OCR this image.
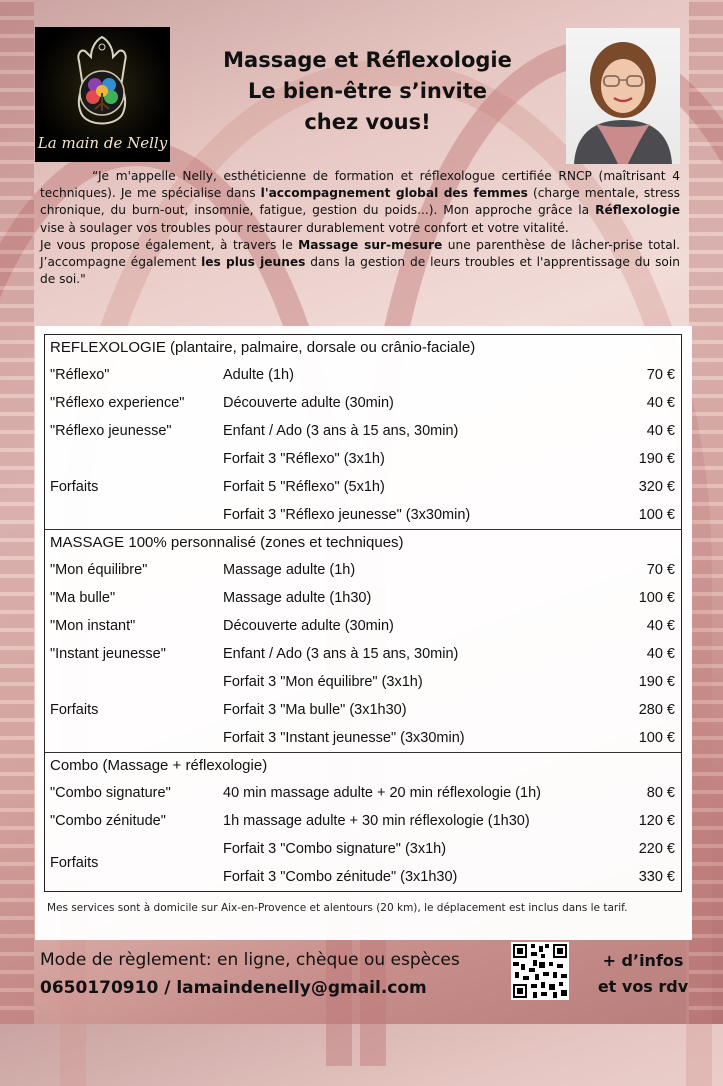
La main de Nelly
Massage et Réflexologie
Le bien-être s’invite
chez vous!

“Je m'appelle Nelly, esthéticienne de formation et réflexologue certifiée RNCP (maîtrisant 4 techniques). Je me spécialise dans l'accompagnement global des femmes (charge mentale, stress chronique, du burn-out, insomnie, fatigue, gestion du poids...). Mon approche grâce la Réflexologie vise à soulager vos troubles pour restaurer durablement votre confort et votre vitalité.

Je vous propose également, à travers le Massage sur-mesure une parenthèse de lâcher-prise total. J’accompagne également les plus jeunes dans la gestion de leurs troubles et l'apprentissage du soin de soi."

REFLEXOLOGIE (plantaire, palmaire, dorsale ou crânio-faciale)
"Réflexo"	Adulte (1h)	70 €
"Réflexo experience"	Découverte adulte (30min)	40 €
"Réflexo jeunesse"	Enfant / Ado (3 ans à 15 ans, 30min)	40 €
Forfaits
Forfait 3 "Réflexo" (3x1h)	190 €
Forfait 5 "Réflexo" (5x1h)	320 €
Forfait 3 "Réflexo jeunesse" (3x30min)	100 €
MASSAGE 100% personnalisé (zones et techniques)
"Mon équilibre"	Massage adulte (1h)	70 €
"Ma bulle"	Massage adulte (1h30)	100 €
"Mon instant"	Découverte adulte (30min)	40 €
"Instant jeunesse"	Enfant / Ado (3 ans à 15 ans, 30min)	40 €
Forfaits
Forfait 3 "Mon équilibre" (3x1h)	190 €
Forfait 3 "Ma bulle" (3x1h30)	280 €
Forfait 3 "Instant jeunesse" (3x30min)	100 €
Combo (Massage + réflexologie)
"Combo signature"	40 min massage adulte + 20 min réflexologie (1h)	80 €
"Combo zénitude"	1h massage adulte + 30 min réflexologie (1h30)	120 €
Forfaits
Forfait 3 "Combo signature" (3x1h)	220 €
Forfait 3 "Combo zénitude" (3x1h30)	330 €
Mes services sont à domicile sur Aix-en-Provence et alentours (20 km), le déplacement est inclus dans le tarif.
Mode de règlement: en ligne, chèque ou espèces
0650170910 / lamaindenelly@gmail.com
+ d’infos
et vos rdv
